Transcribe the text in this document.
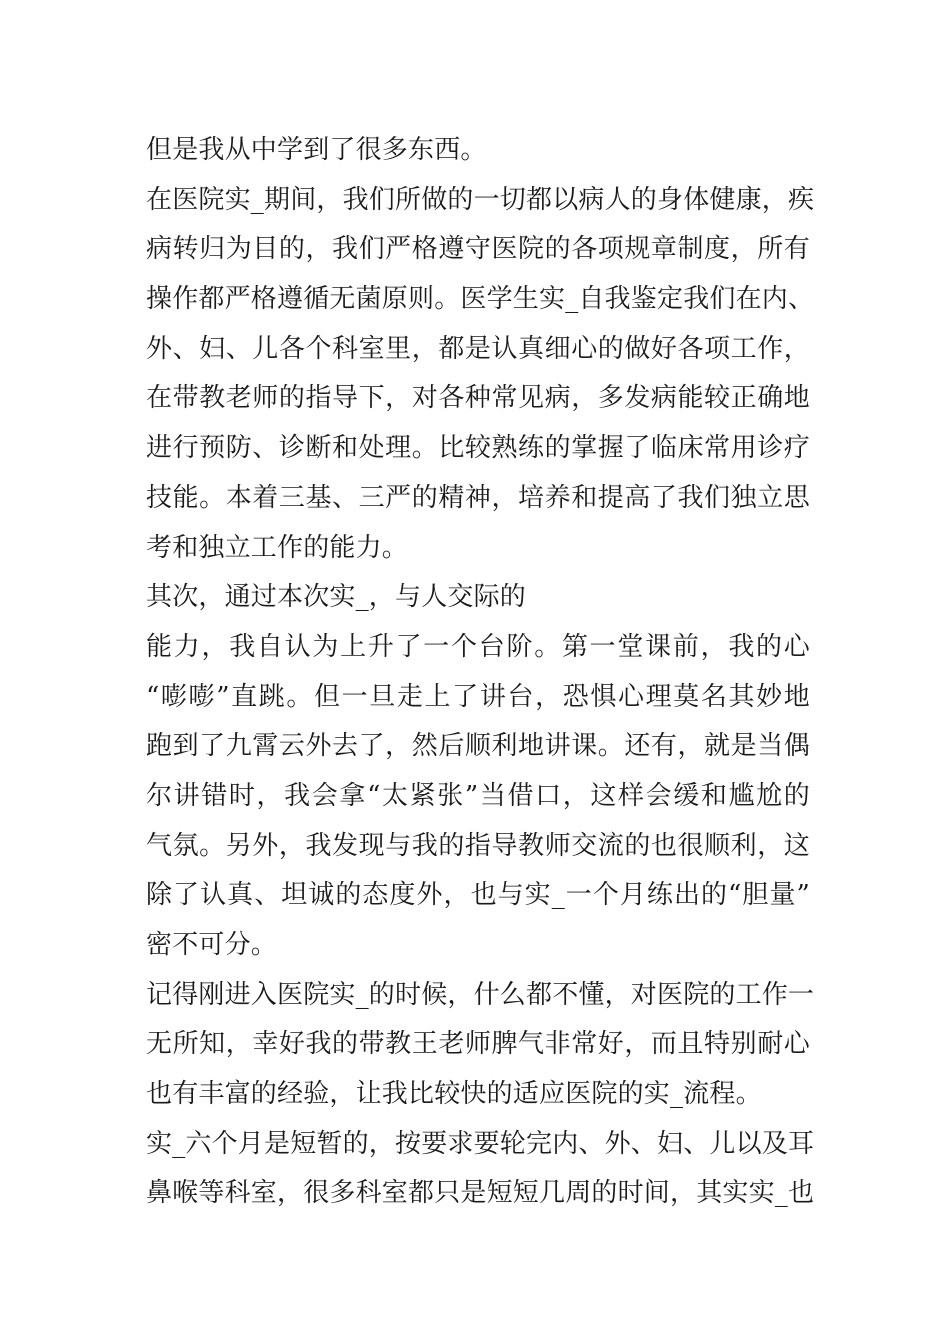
但是我从中学到了很多东西。
在医院实_期间，我们所做的一切都以病人的身体健康，疾
病转归为目的，我们严格遵守医院的各项规章制度，所有
操作都严格遵循无菌原则。医学生实_自我鉴定我们在内、
外、妇、儿各个科室里，都是认真细心的做好各项工作，
在带教老师的指导下，对各种常见病，多发病能较正确地
进行预防、诊断和处理。比较熟练的掌握了临床常用诊疗
技能。本着三基、三严的精神，培养和提高了我们独立思
考和独立工作的能力。
其次，通过本次实_，与人交际的
能力，我自认为上升了一个台阶。第一堂课前，我的心
“嘭嘭”直跳。但一旦走上了讲台，恐惧心理莫名其妙地
跑到了九霄云外去了，然后顺利地讲课。还有，就是当偶
尔讲错时，我会拿“太紧张”当借口，这样会缓和尴尬的
气氛。另外，我发现与我的指导教师交流的也很顺利，这
除了认真、坦诚的态度外，也与实_一个月练出的“胆量”
密不可分。
记得刚进入医院实_的时候，什么都不懂，对医院的工作一
无所知，幸好我的带教王老师脾气非常好，而且特别耐心
也有丰富的经验，让我比较快的适应医院的实_流程。
实_六个月是短暂的，按要求要轮完内、外、妇、儿以及耳
鼻喉等科室，很多科室都只是短短几周的时间，其实实_也
